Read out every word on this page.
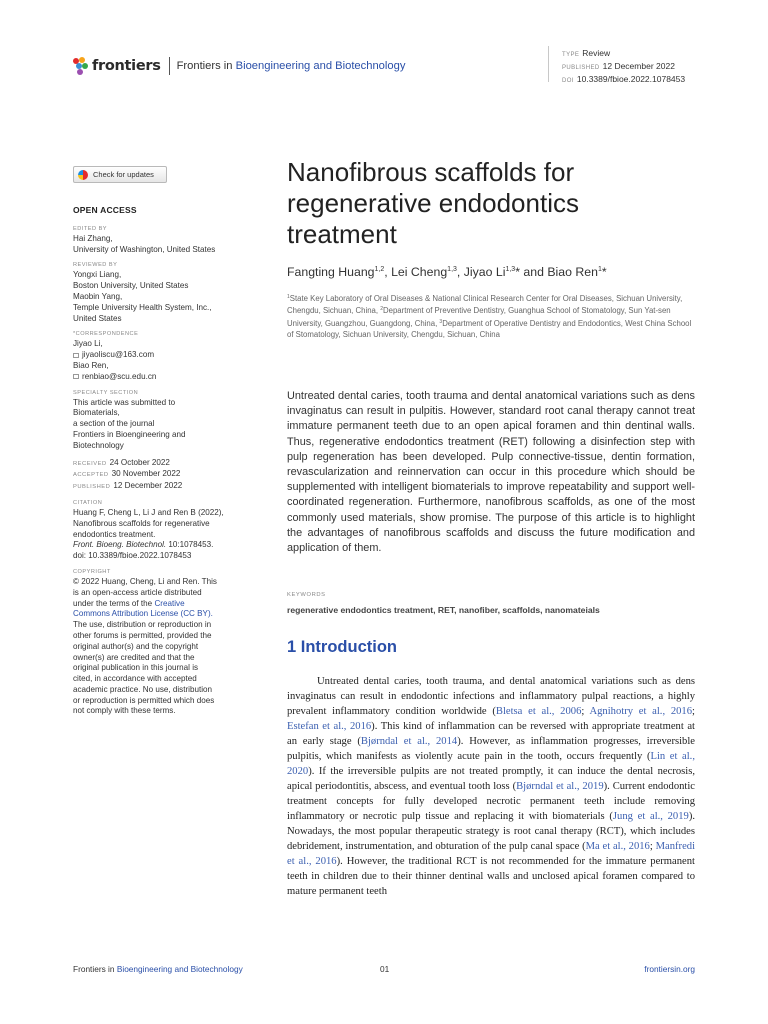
frontiers Frontiers in Bioengineering and Biotechnology
TYPE Review
PUBLISHED 12 December 2022
DOI 10.3389/fbioe.2022.1078453
Check for updates
OPEN ACCESS
EDITED BY
Hai Zhang,
University of Washington, United States
REVIEWED BY
Yongxi Liang,
Boston University, United States
Maobin Yang,
Temple University Health System, Inc.,
United States
*CORRESPONDENCE
Jiyao Li,
jiyaoliscu@163.com
Biao Ren,
renbiao@scu.edu.cn
SPECIALTY SECTION
This article was submitted to
Biomaterials,
a section of the journal
Frontiers in Bioengineering and
Biotechnology
RECEIVED 24 October 2022
ACCEPTED 30 November 2022
PUBLISHED 12 December 2022
CITATION
Huang F, Cheng L, Li J and Ren B (2022),
Nanofibrous scaffolds for regenerative
endodontics treatment.
Front. Bioeng. Biotechnol. 10:1078453.
doi: 10.3389/fbioe.2022.1078453
COPYRIGHT
© 2022 Huang, Cheng, Li and Ren. This
is an open-access article distributed
under the terms of the Creative
Commons Attribution License (CC BY).
The use, distribution or reproduction in
other forums is permitted, provided the
original author(s) and the copyright
owner(s) are credited and that the
original publication in this journal is
cited, in accordance with accepted
academic practice. No use, distribution
or reproduction is permitted which does
not comply with these terms.
Nanofibrous scaffolds for regenerative endodontics treatment
Fangting Huang$^{1,2}$, Lei Cheng$^{1,3}$, Jiyao Li$^{1,3}$* and Biao Ren$^1$*
$^1$State Key Laboratory of Oral Diseases & National Clinical Research Center for Oral Diseases, Sichuan University, Chengdu, Sichuan, China, $^2$Department of Preventive Dentistry, Guanghua School of Stomatology, Sun Yat-sen University, Guangzhou, Guangdong, China, $^3$Department of Operative Dentistry and Endodontics, West China School of Stomatology, Sichuan University, Chengdu, Sichuan, China

Untreated dental caries, tooth trauma and dental anatomical variations such as dens invaginatus can result in pulpitis. However, standard root canal therapy cannot treat immature permanent teeth due to an open apical foramen and thin dentinal walls. Thus, regenerative endodontics treatment (RET) following a disinfection step with pulp regeneration has been developed. Pulp connective-tissue, dentin formation, revascularization and reinnervation can occur in this procedure which should be supplemented with intelligent biomaterials to improve repeatability and support well-coordinated regeneration. Furthermore, nanofibrous scaffolds, as one of the most commonly used materials, show promise. The purpose of this article is to highlight the advantages of nanofibrous scaffolds and discuss the future modification and application of them.

KEYWORDS
regenerative endodontics treatment, RET, nanofiber, scaffolds, nanomateials
1 Introduction

Untreated dental caries, tooth trauma, and dental anatomical variations such as dens invaginatus can result in endodontic infections and inflammatory pulpal reactions, a highly prevalent inflammatory condition worldwide (Bletsa et al., 2006; Agnihotry et al., 2016; Estefan et al., 2016). This kind of inflammation can be reversed with appropriate treatment at an early stage (Bjørndal et al., 2014). However, as inflammation progresses, irreversible pulpitis, which manifests as violently acute pain in the tooth, occurs frequently (Lin et al., 2020). If the irreversible pulpits are not treated promptly, it can induce the dental necrosis, apical periodontitis, abscess, and eventual tooth loss (Bjørndal et al., 2019). Current endodontic treatment concepts for fully developed necrotic permanent teeth include removing inflammatory or necrotic pulp tissue and replacing it with biomaterials (Jung et al., 2019). Nowadays, the most popular therapeutic strategy is root canal therapy (RCT), which includes debridement, instrumentation, and obturation of the pulp canal space (Ma et al., 2016; Manfredi et al., 2016). However, the traditional RCT is not recommended for the immature permanent teeth in children due to their thinner dentinal walls and unclosed apical foramen compared to mature permanent teeth

Frontiers in Bioengineering and Biotechnology	01	frontiersin.org
